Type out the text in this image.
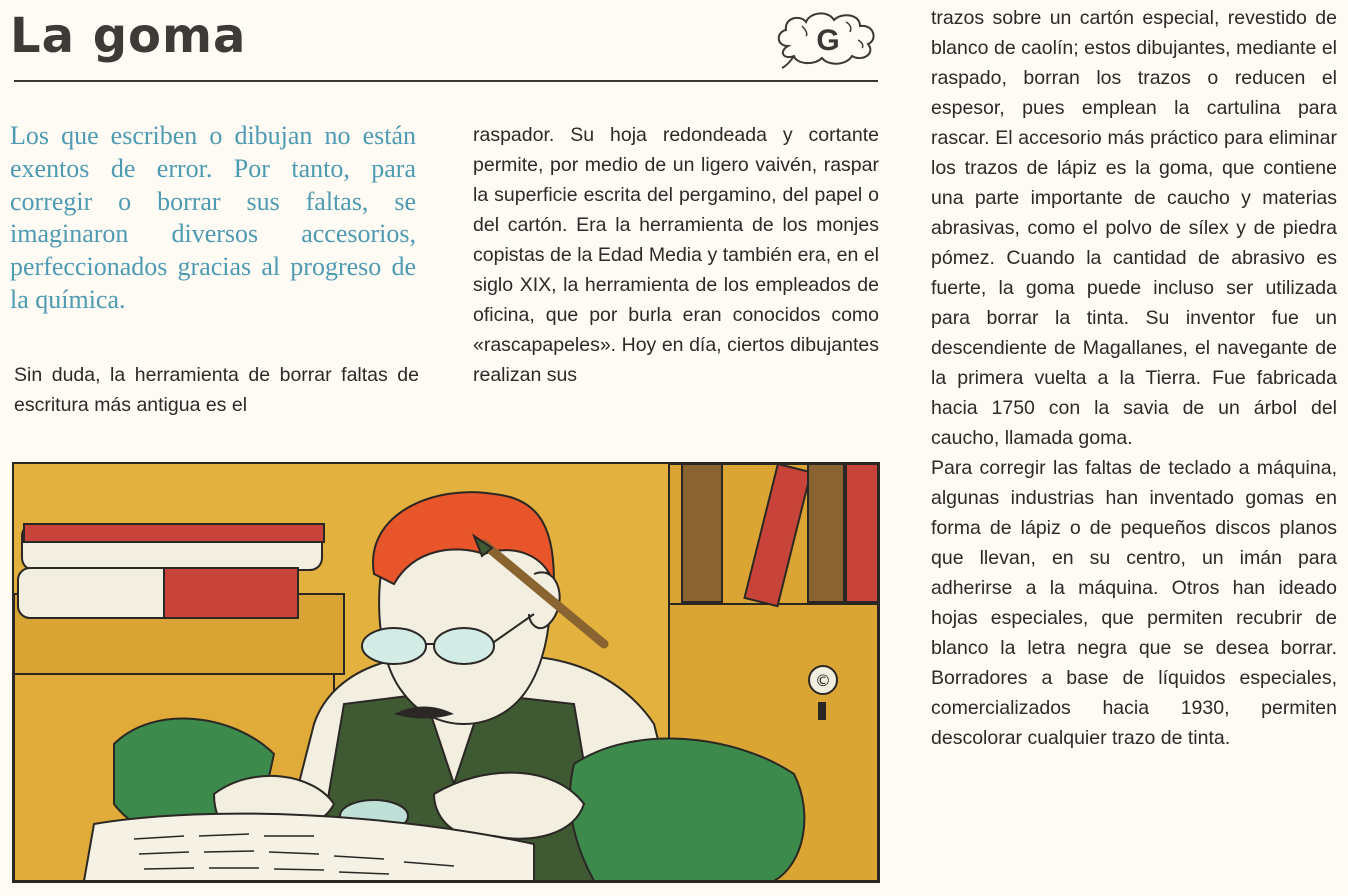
La goma	G

Los que escriben o dibujan no están exentos de error. Por tanto, para corregir o borrar sus faltas, se imaginaron diversos accesorios, perfeccionados gracias al progreso de la química.

Sin duda, la herramienta de borrar faltas de escritura más antigua es el

raspador. Su hoja redondeada y cortante permite, por medio de un ligero vaivén, raspar la superficie escrita del pergamino, del papel o del cartón. Era la herramienta de los monjes copistas de la Edad Media y también era, en el siglo XIX, la herramienta de los empleados de oficina, que por burla eran conocidos como «rascapapeles». Hoy en día, ciertos dibujantes realizan sus

trazos sobre un cartón especial, revestido de blanco de caolín; estos dibujantes, mediante el raspado, borran los trazos o reducen el espesor, pues emplean la cartulina para rascar. El accesorio más práctico para eliminar los trazos de lápiz es la goma, que contiene una parte importante de caucho y materias abrasivas, como el polvo de sílex y de piedra pómez. Cuando la cantidad de abrasivo es fuerte, la goma puede incluso ser utilizada para borrar la tinta. Su inventor fue un descendiente de Magallanes, el navegante de la primera vuelta a la Tierra. Fue fabricada hacia 1750 con la savia de un árbol del caucho, llamada goma.

Para corregir las faltas de teclado a máquina, algunas industrias han inventado gomas en forma de lápiz o de pequeños discos planos que llevan, en su centro, un imán para adherirse a la máquina. Otros han ideado hojas especiales, que permiten recubrir de blanco la letra negra que se desea borrar. Borradores a base de líquidos especiales, comercializados hacia 1930, permiten descolorar cualquier trazo de tinta.

©
